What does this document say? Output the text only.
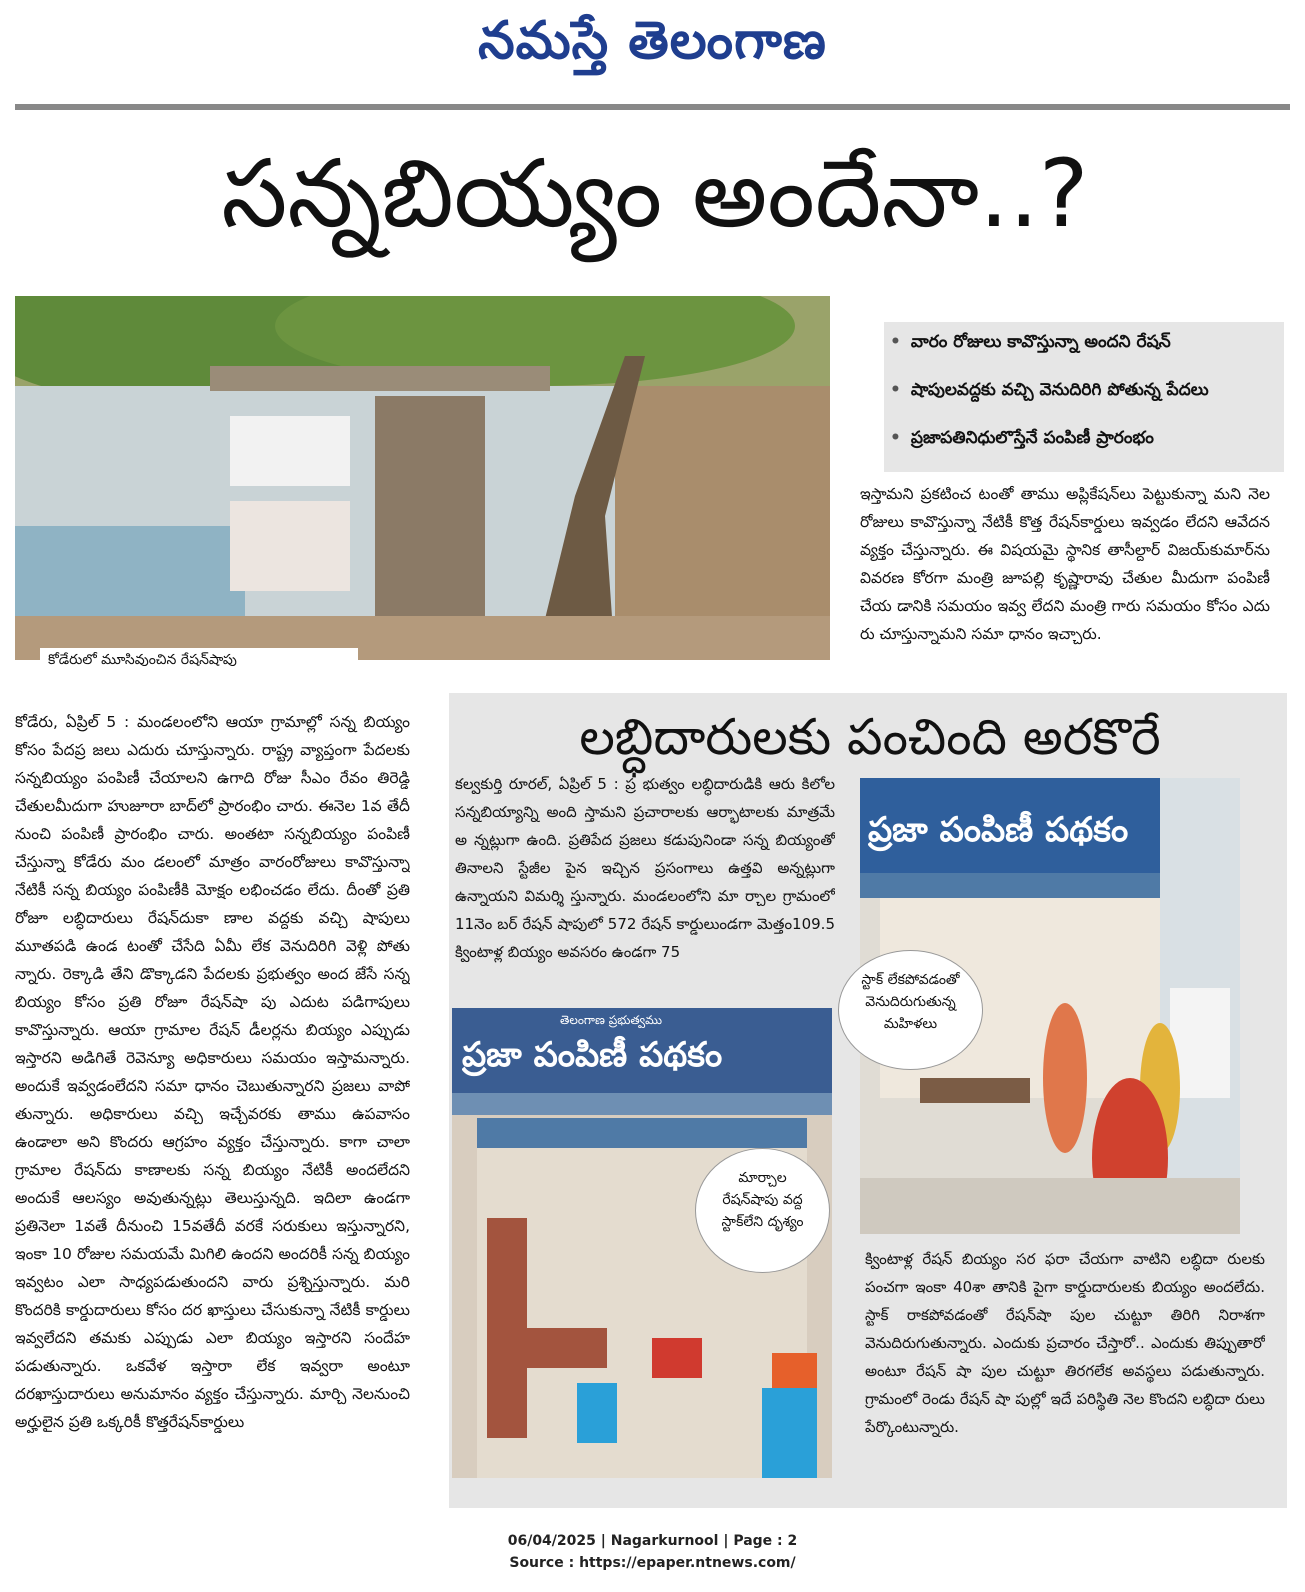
నమస్తే తెలంగాణ
సన్నబియ్యం అందేనా..?
కోడేరులో మూసివుంచిన రేషన్‌షాపు
• వారం రోజులు కావొస్తున్నా అందని రేషన్
• షాపులవద్దకు వచ్చి వెనుదిరిగి పోతున్న పేదలు
• ప్రజాపతినిధులొస్తేనే పంపిణీ ప్రారంభం
ఇస్తామని ప్రకటించ టంతో తాము అప్లికేషన్‌లు పెట్టుకున్నా మని నెల రోజులు కావొస్తున్నా నేటికీ కొత్త రేషన్‌కార్డులు ఇవ్వడం లేదని ఆవేదన వ్యక్తం చేస్తున్నారు. ఈ విషయమై స్థానిక తాసీల్దార్ విజయ్‌కుమార్‌ను వివరణ కోరగా మంత్రి జూపల్లి కృష్ణారావు చేతుల మీదుగా పంపిణీ చేయ డానికి సమయం ఇవ్వ లేదని మంత్రి గారు సమయం కోసం ఎదు రు చూస్తున్నామని సమా ధానం ఇచ్చారు.
కోడేరు, ఏప్రిల్ 5 : మండలంలోని ఆయా గ్రామాల్లో సన్న బియ్యం కోసం పేదప్ర జలు ఎదురు చూస్తున్నారు. రాష్ట్ర వ్యాప్తంగా పేదలకు సన్నబియ్యం పంపిణీ చేయాలని ఉగాది రోజు సీఎం రేవం తిరెడ్డి చేతులమీదుగా హుజూరా బాద్‌లో ప్రారంభిం చారు. ఈనెల 1వ తేదీ నుంచి పంపిణీ ప్రారంభిం చారు. అంతటా సన్నబియ్యం పంపిణీ చేస్తున్నా కోడేరు మం డలంలో మాత్రం వారంరోజులు కావొస్తున్నా నేటికీ సన్న బియ్యం పంపిణీకి మోక్షం లభించడం లేదు. దీంతో ప్రతి రోజూ లబ్ధిదారులు రేషన్‌దుకా ణాల వద్దకు వచ్చి షాపులు మూతపడి ఉండ టంతో చేసేది ఏమీ లేక వెనుదిరిగి వెళ్లి పోతు న్నారు. రెక్కాడి తేని డొక్కాడని పేదలకు ప్రభుత్వం అంద జేసే సన్న బియ్యం కోసం ప్రతి రోజూ రేషన్‌షా పు ఎదుట పడిగాపులు కావొస్తున్నారు. ఆయా గ్రామాల రేషన్ డీలర్లను బియ్యం ఎప్పుడు ఇస్తారని అడిగితే రెవెన్యూ అధికారులు సమయం ఇస్తామన్నారు. అందుకే ఇవ్వడంలేదని సమా ధానం చెబుతున్నారని ప్రజలు వాపో తున్నారు. అధికారులు వచ్చి ఇచ్చేవరకు తాము ఉపవాసం ఉండాలా అని కొందరు ఆగ్రహం వ్యక్తం చేస్తున్నారు. కాగా చాలా గ్రామాల రేషన్‌దు కాణాలకు సన్న బియ్యం నేటికీ అందలేదని అందుకే ఆలస్యం అవుతున్నట్లు తెలుస్తున్నది. ఇదిలా ఉండగా ప్రతినెలా 1వతే దీనుంచి 15వతేదీ వరకే సరుకులు ఇస్తున్నారని, ఇంకా 10 రోజుల సమయమే మిగిలి ఉందని అందరికీ సన్న బియ్యం ఇవ్వటం ఎలా సాధ్యపడుతుందని వారు ప్రశ్నిస్తున్నారు. మరి కొందరికి కార్డుదారులు కోసం దర ఖాస్తులు చేసుకున్నా నేటికీ కార్డులు ఇవ్వలేదని తమకు ఎప్పుడు ఎలా బియ్యం ఇస్తారని సందేహ పడుతున్నారు. ఒకవేళ ఇస్తారా లేక ఇవ్వరా అంటూ దరఖాస్తుదారులు అనుమానం వ్యక్తం చేస్తున్నారు. మార్చి నెలనుంచి అర్హులైన ప్రతి ఒక్కరికీ కొత్తరేషన్‌కార్డులు
లబ్ధిదారులకు పంచింది అరకొరే
కల్వకుర్తి రూరల్, ఏప్రిల్ 5 : ప్ర భుత్వం లబ్ధిదారుడికి ఆరు కిలోల సన్నబియ్యాన్ని అంది స్తామని ప్రచారాలకు ఆర్భాటాలకు మాత్రమే అ న్నట్లుగా ఉంది. ప్రతిపేద ప్రజలు కడుపునిండా సన్న బియ్యంతో తినాలని స్టేజీల పైన ఇచ్చిన ప్రసంగాలు ఉత్తవి అన్నట్లుగా ఉన్నాయని విమర్శి స్తున్నారు. మండలంలోని మా ర్చాల గ్రామంలో 11నెం బర్ రేషన్ షాపులో 572 రేషన్ కార్డులుండగా మెత్తం109.5 క్వింటాళ్ల బియ్యం అవసరం ఉండగా 75
ప్రజా పంపిణీ పథకం
తెలంగాణ ప్రభుత్వము
మార్చాల రేషన్‌షాపు వద్ద స్టాక్‌లేని దృశ్యం
ప్రజా పంపిణీ పథకం
స్టాక్ లేకపోవడంతో వెనుదిరుగుతున్న మహిళలు
క్వింటాళ్ల రేషన్ బియ్యం సర ఫరా చేయగా వాటిని లబ్ధిదా రులకు పంచగా ఇంకా 40శా తానికి పైగా కార్డుదారులకు బియ్యం అందలేదు. స్టాక్ రాకపోవడంతో రేషన్‌షా పుల చుట్టూ తిరిగి నిరాశగా వెనుదిరుగుతున్నారు. ఎందుకు ప్రచారం చేస్తారో.. ఎందుకు తిప్పుతారో అంటూ రేషన్ షా పుల చుట్టూ తిరగలేక అవస్థలు పడుతున్నారు. గ్రామంలో రెండు రేషన్ షా పుల్లో ఇదే పరిస్థితి నెల కొందని లబ్ధిదా రులు పేర్కొంటున్నారు.
06/04/2025 | Nagarkurnool | Page : 2
Source : https://epaper.ntnews.com/
